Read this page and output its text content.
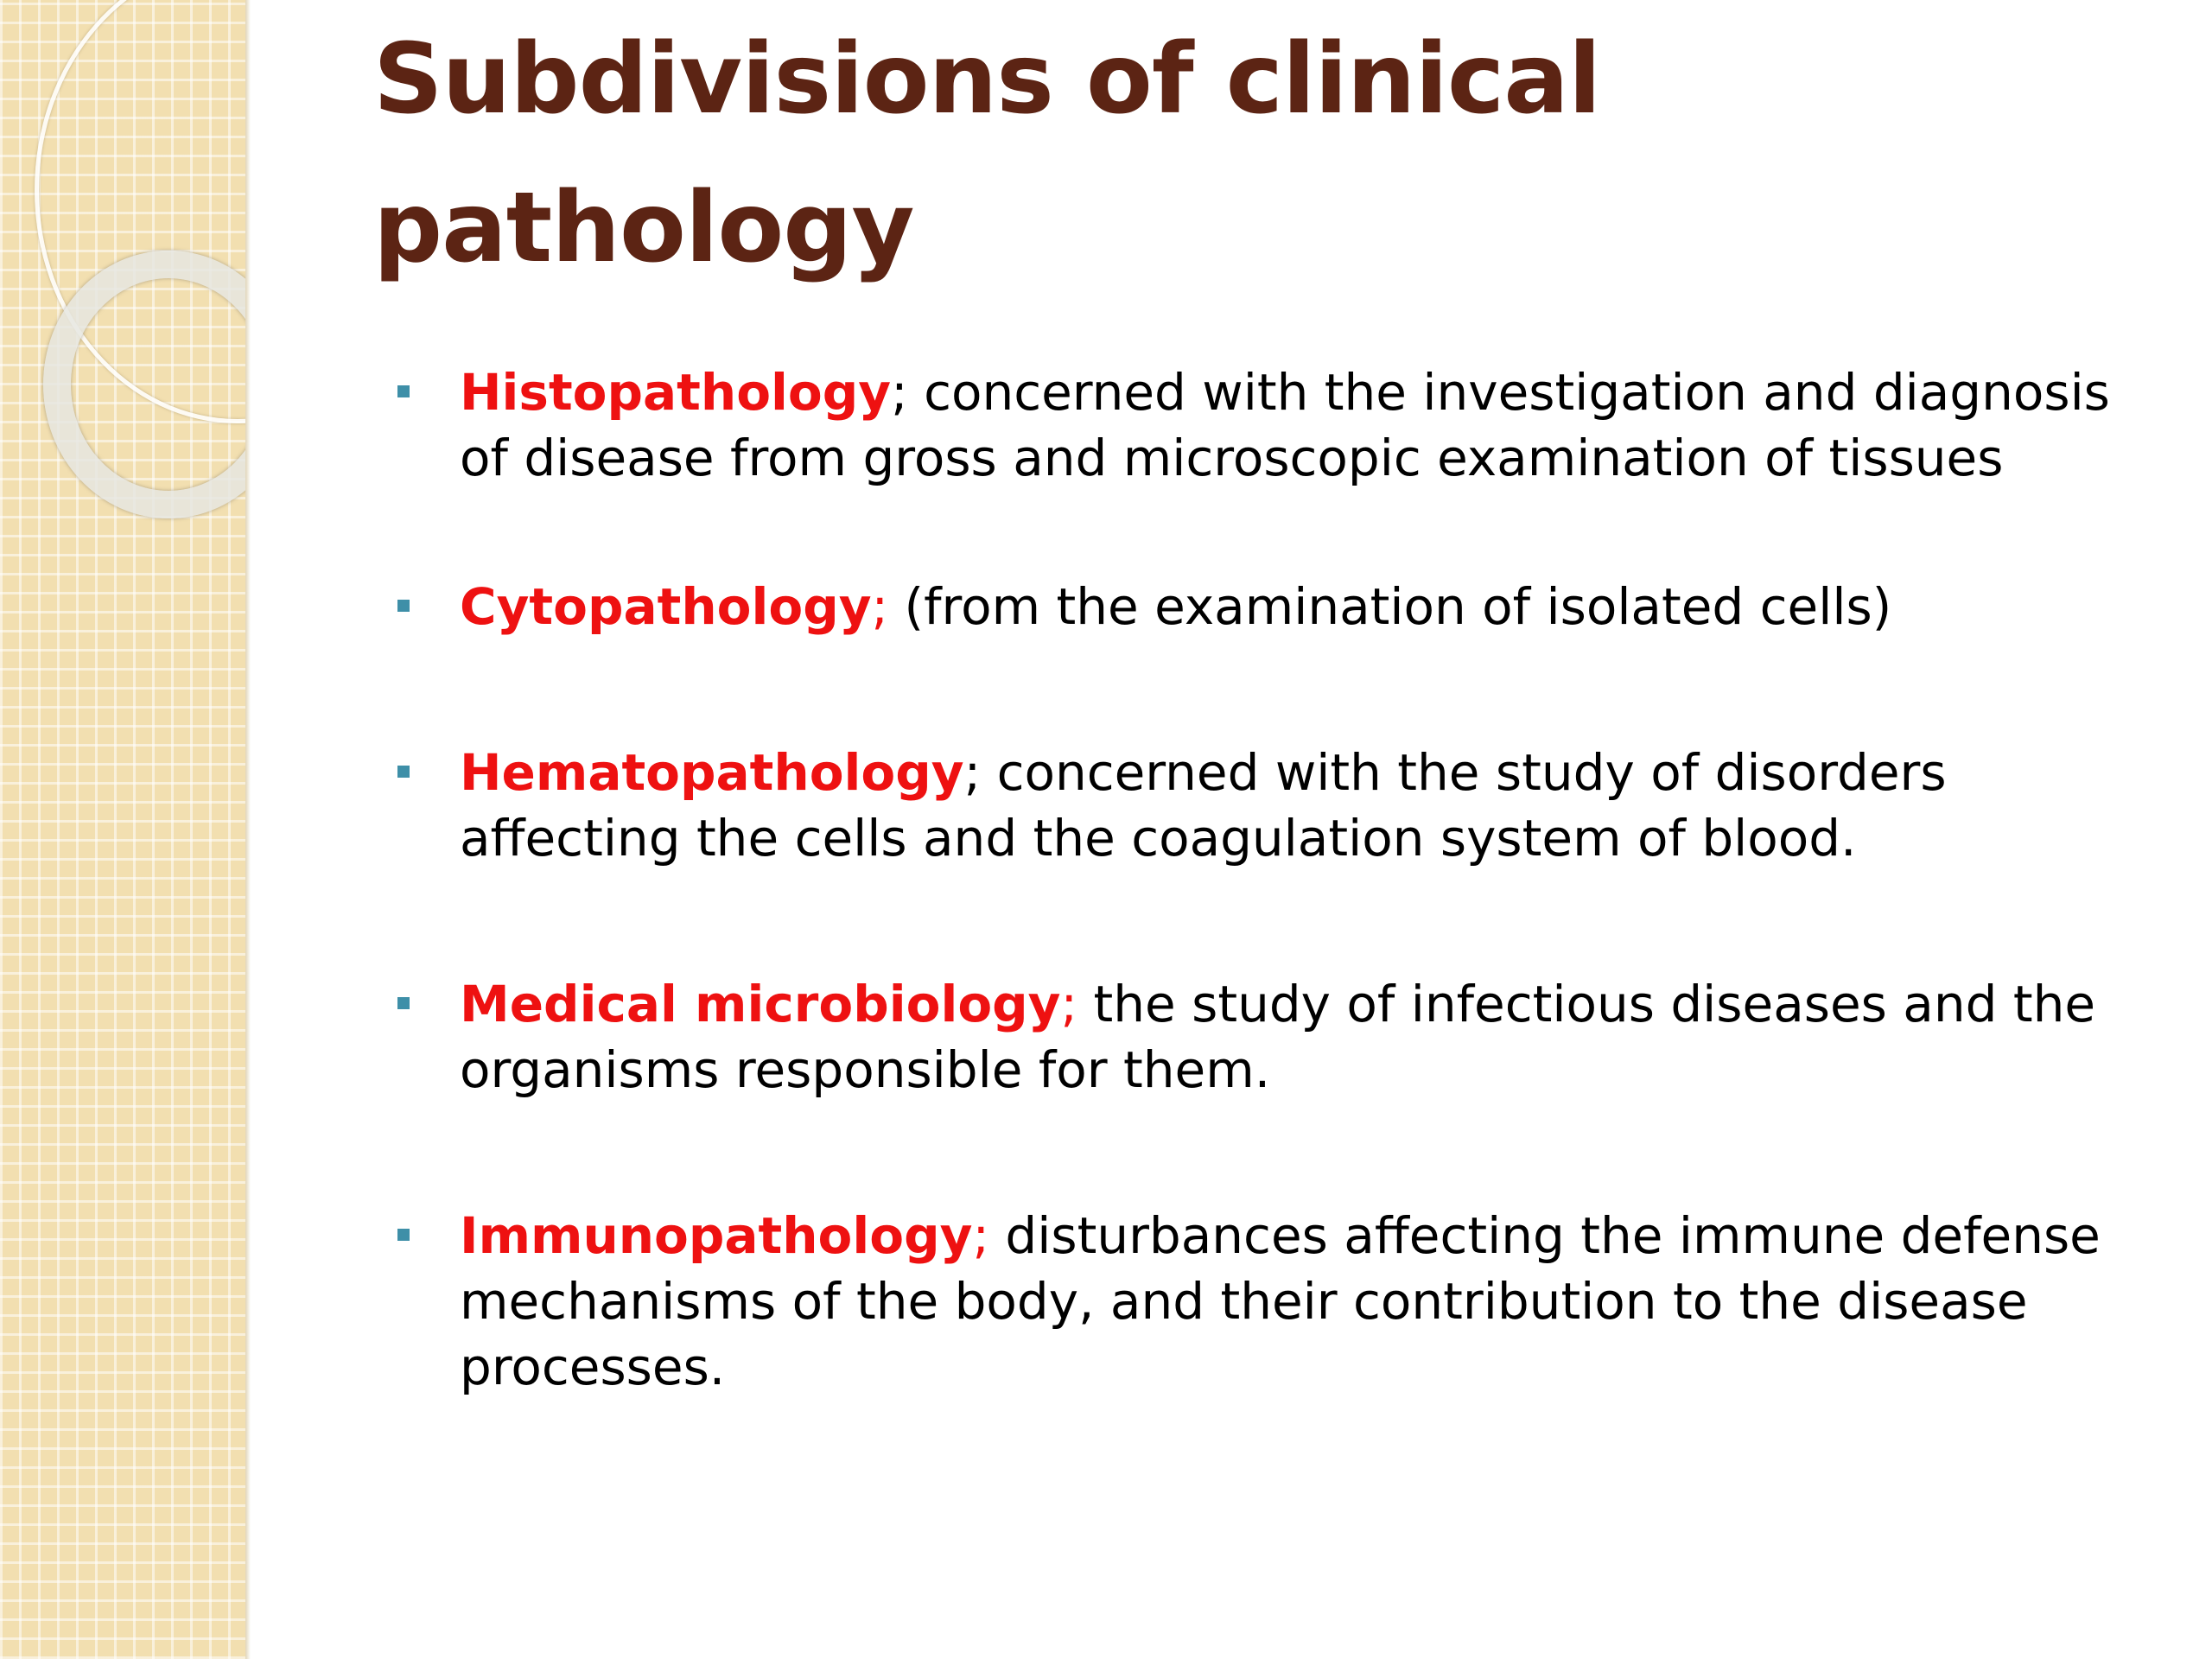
Subdivisions of clinical pathology
Histopathology; concerned with the investigation and diagnosis of disease from gross and microscopic examination of tissues
Cytopathology; (from the examination of isolated cells)
Hematopathology; concerned with the study of disorders affecting the cells and the coagulation system of blood.
Medical microbiology; the study of infectious diseases and the organisms responsible for them.
Immunopathology; disturbances affecting the immune defense mechanisms of the body, and their contribution to the disease processes.
